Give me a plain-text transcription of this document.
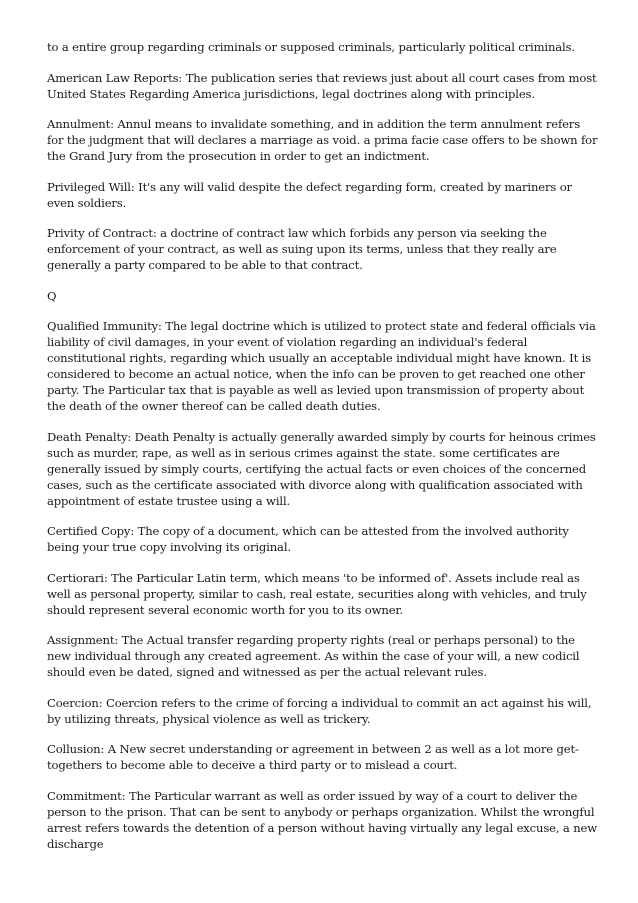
to a entire group regarding criminals or supposed criminals, particularly political criminals.

American Law Reports: The publication series that reviews just about all court cases from most United States Regarding America jurisdictions, legal doctrines along with principles.

Annulment: Annul means to invalidate something, and in addition the term annulment refers for the judgment that will declares a marriage as void. a prima facie case offers to be shown for the Grand Jury from the prosecution in order to get an indictment.

Privileged Will: It's any will valid despite the defect regarding form, created by mariners or even soldiers.

Privity of Contract: a doctrine of contract law which forbids any person via seeking the enforcement of your contract, as well as suing upon its terms, unless that they really are generally a party compared to be able to that contract.

Q

Qualified Immunity: The legal doctrine which is utilized to protect state and federal officials via liability of civil damages, in your event of violation regarding an individual's federal constitutional rights, regarding which usually an acceptable individual might have known. It is considered to become an actual notice, when the info can be proven to get reached one other party. The Particular tax that is payable as well as levied upon transmission of property about the death of the owner thereof can be called death duties.

Death Penalty: Death Penalty is actually generally awarded simply by courts for heinous crimes such as murder, rape, as well as in serious crimes against the state. some certificates are generally issued by simply courts, certifying the actual facts or even choices of the concerned cases, such as the certificate associated with divorce along with qualification associated with appointment of estate trustee using a will.

Certified Copy: The copy of a document, which can be attested from the involved authority being your true copy involving its original.

Certiorari: The Particular Latin term, which means 'to be informed of'. Assets include real as well as personal property, similar to cash, real estate, securities along with vehicles, and truly should represent several economic worth for you to its owner.

Assignment: The Actual transfer regarding property rights (real or perhaps personal) to the new individual through any created agreement. As within the case of your will, a new codicil should even be dated, signed and witnessed as per the actual relevant rules.

Coercion: Coercion refers to the crime of forcing a individual to commit an act against his will, by utilizing threats, physical violence as well as trickery.

Collusion: A New secret understanding or agreement in between 2 as well as a lot more get-togethers to become able to deceive a third party or to mislead a court.

Commitment: The Particular warrant as well as order issued by way of a court to deliver the person to the prison. That can be sent to anybody or perhaps organization. Whilst the wrongful arrest refers towards the detention of a person without having virtually any legal excuse, a new discharge
